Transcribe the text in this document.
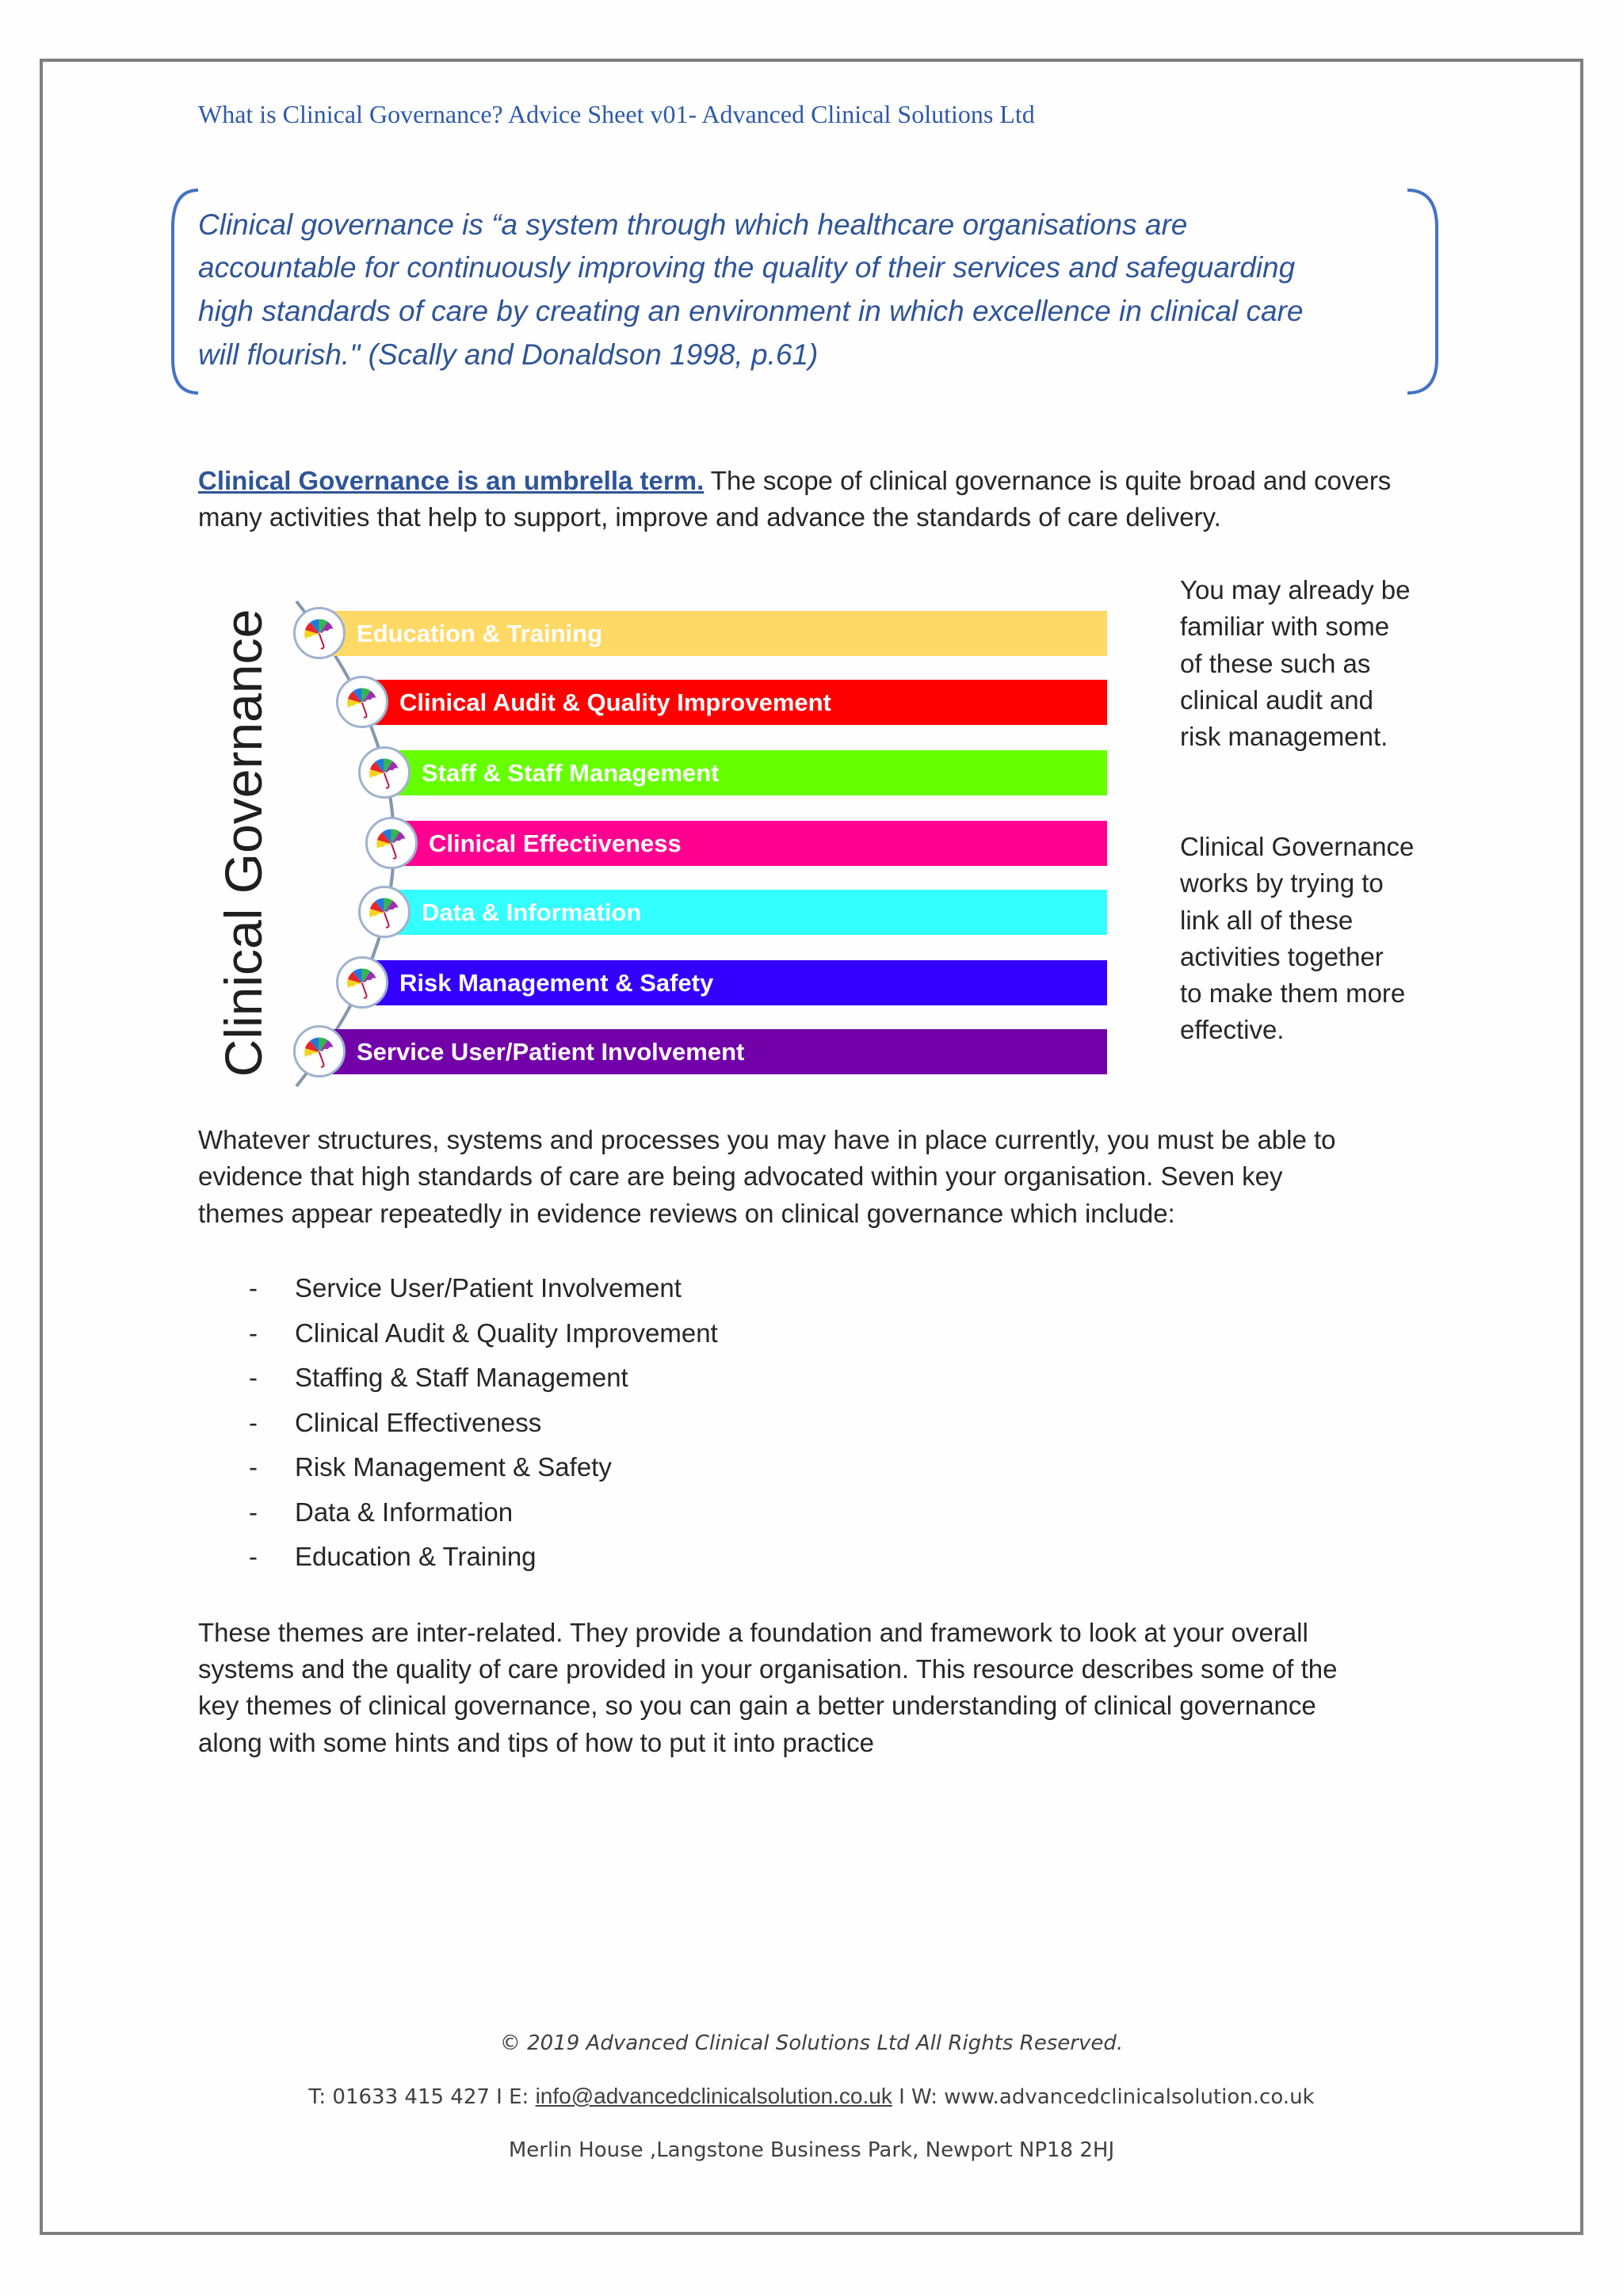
What is Clinical Governance? Advice Sheet v01- Advanced Clinical Solutions Ltd
Clinical governance is “a system through which healthcare organisations are
accountable for continuously improving the quality of their services and safeguarding
high standards of care by creating an environment in which excellence in clinical care
will flourish." (Scally and Donaldson 1998, p.61)
Clinical Governance is an umbrella term. The scope of clinical governance is quite broad and covers
many activities that help to support, improve and advance the standards of care delivery.
Clinical Governance	Education & Training
Clinical Audit & Quality Improvement
Staff & Staff Management
Clinical Effectiveness
Data & Information
Risk Management & Safety
Service User/Patient Involvement
You may already be
familiar with some
of these such as
clinical audit and
risk management.
Clinical Governance
works by trying to
link all of these
activities together
to make them more
effective.
Whatever structures, systems and processes you may have in place currently, you must be able to
evidence that high standards of care are being advocated within your organisation. Seven key
themes appear repeatedly in evidence reviews on clinical governance which include:
- Service User/Patient Involvement
- Clinical Audit & Quality Improvement
- Staffing & Staff Management
- Clinical Effectiveness
- Risk Management & Safety
- Data & Information
- Education & Training
These themes are inter-related. They provide a foundation and framework to look at your overall
systems and the quality of care provided in your organisation. This resource describes some of the
key themes of clinical governance, so you can gain a better understanding of clinical governance
along with some hints and tips of how to put it into practice
© 2019 Advanced Clinical Solutions Ltd All Rights Reserved.
T: 01633 415 427 I E: info@advancedclinicalsolution.co.uk I W: www.advancedclinicalsolution.co.uk
Merlin House ,Langstone Business Park, Newport NP18 2HJ
